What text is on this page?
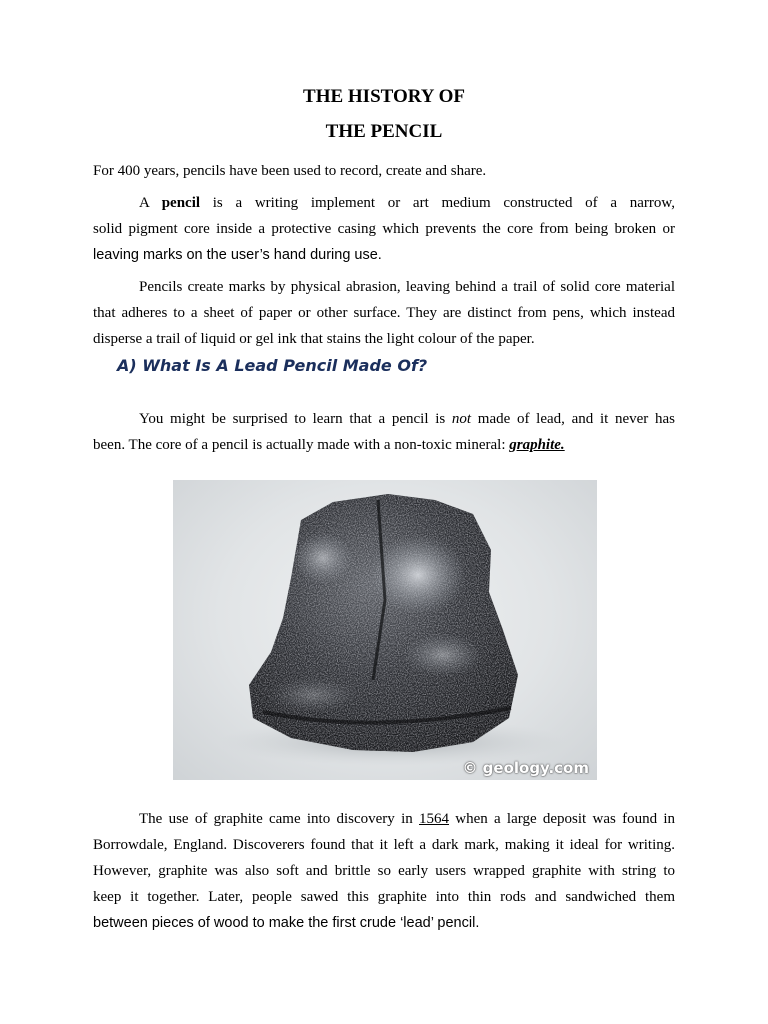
THE HISTORY OF
THE PENCIL
For 400 years, pencils have been used to record, create and share.
A pencil is a writing implement or art medium constructed of a narrow,
solid pigment core inside a protective casing which prevents the core from being broken or
leaving marks on the user’s hand during use.
Pencils create marks by physical abrasion, leaving behind a trail of solid core material
that adheres to a sheet of paper or other surface. They are distinct from pens, which instead
disperse a trail of liquid or gel ink that stains the light colour of the paper.
A) What Is A Lead Pencil Made Of?
You might be surprised to learn that a pencil is not made of lead, and it never has
been. The core of a pencil is actually made with a non-toxic mineral: graphite.
© geology.com
The use of graphite came into discovery in 1564 when a large deposit was found in
Borrowdale, England. Discoverers found that it left a dark mark, making it ideal for writing.
However, graphite was also soft and brittle so early users wrapped graphite with string to
keep it together. Later, people sawed this graphite into thin rods and sandwiched them
between pieces of wood to make the first crude ‘lead’ pencil.
